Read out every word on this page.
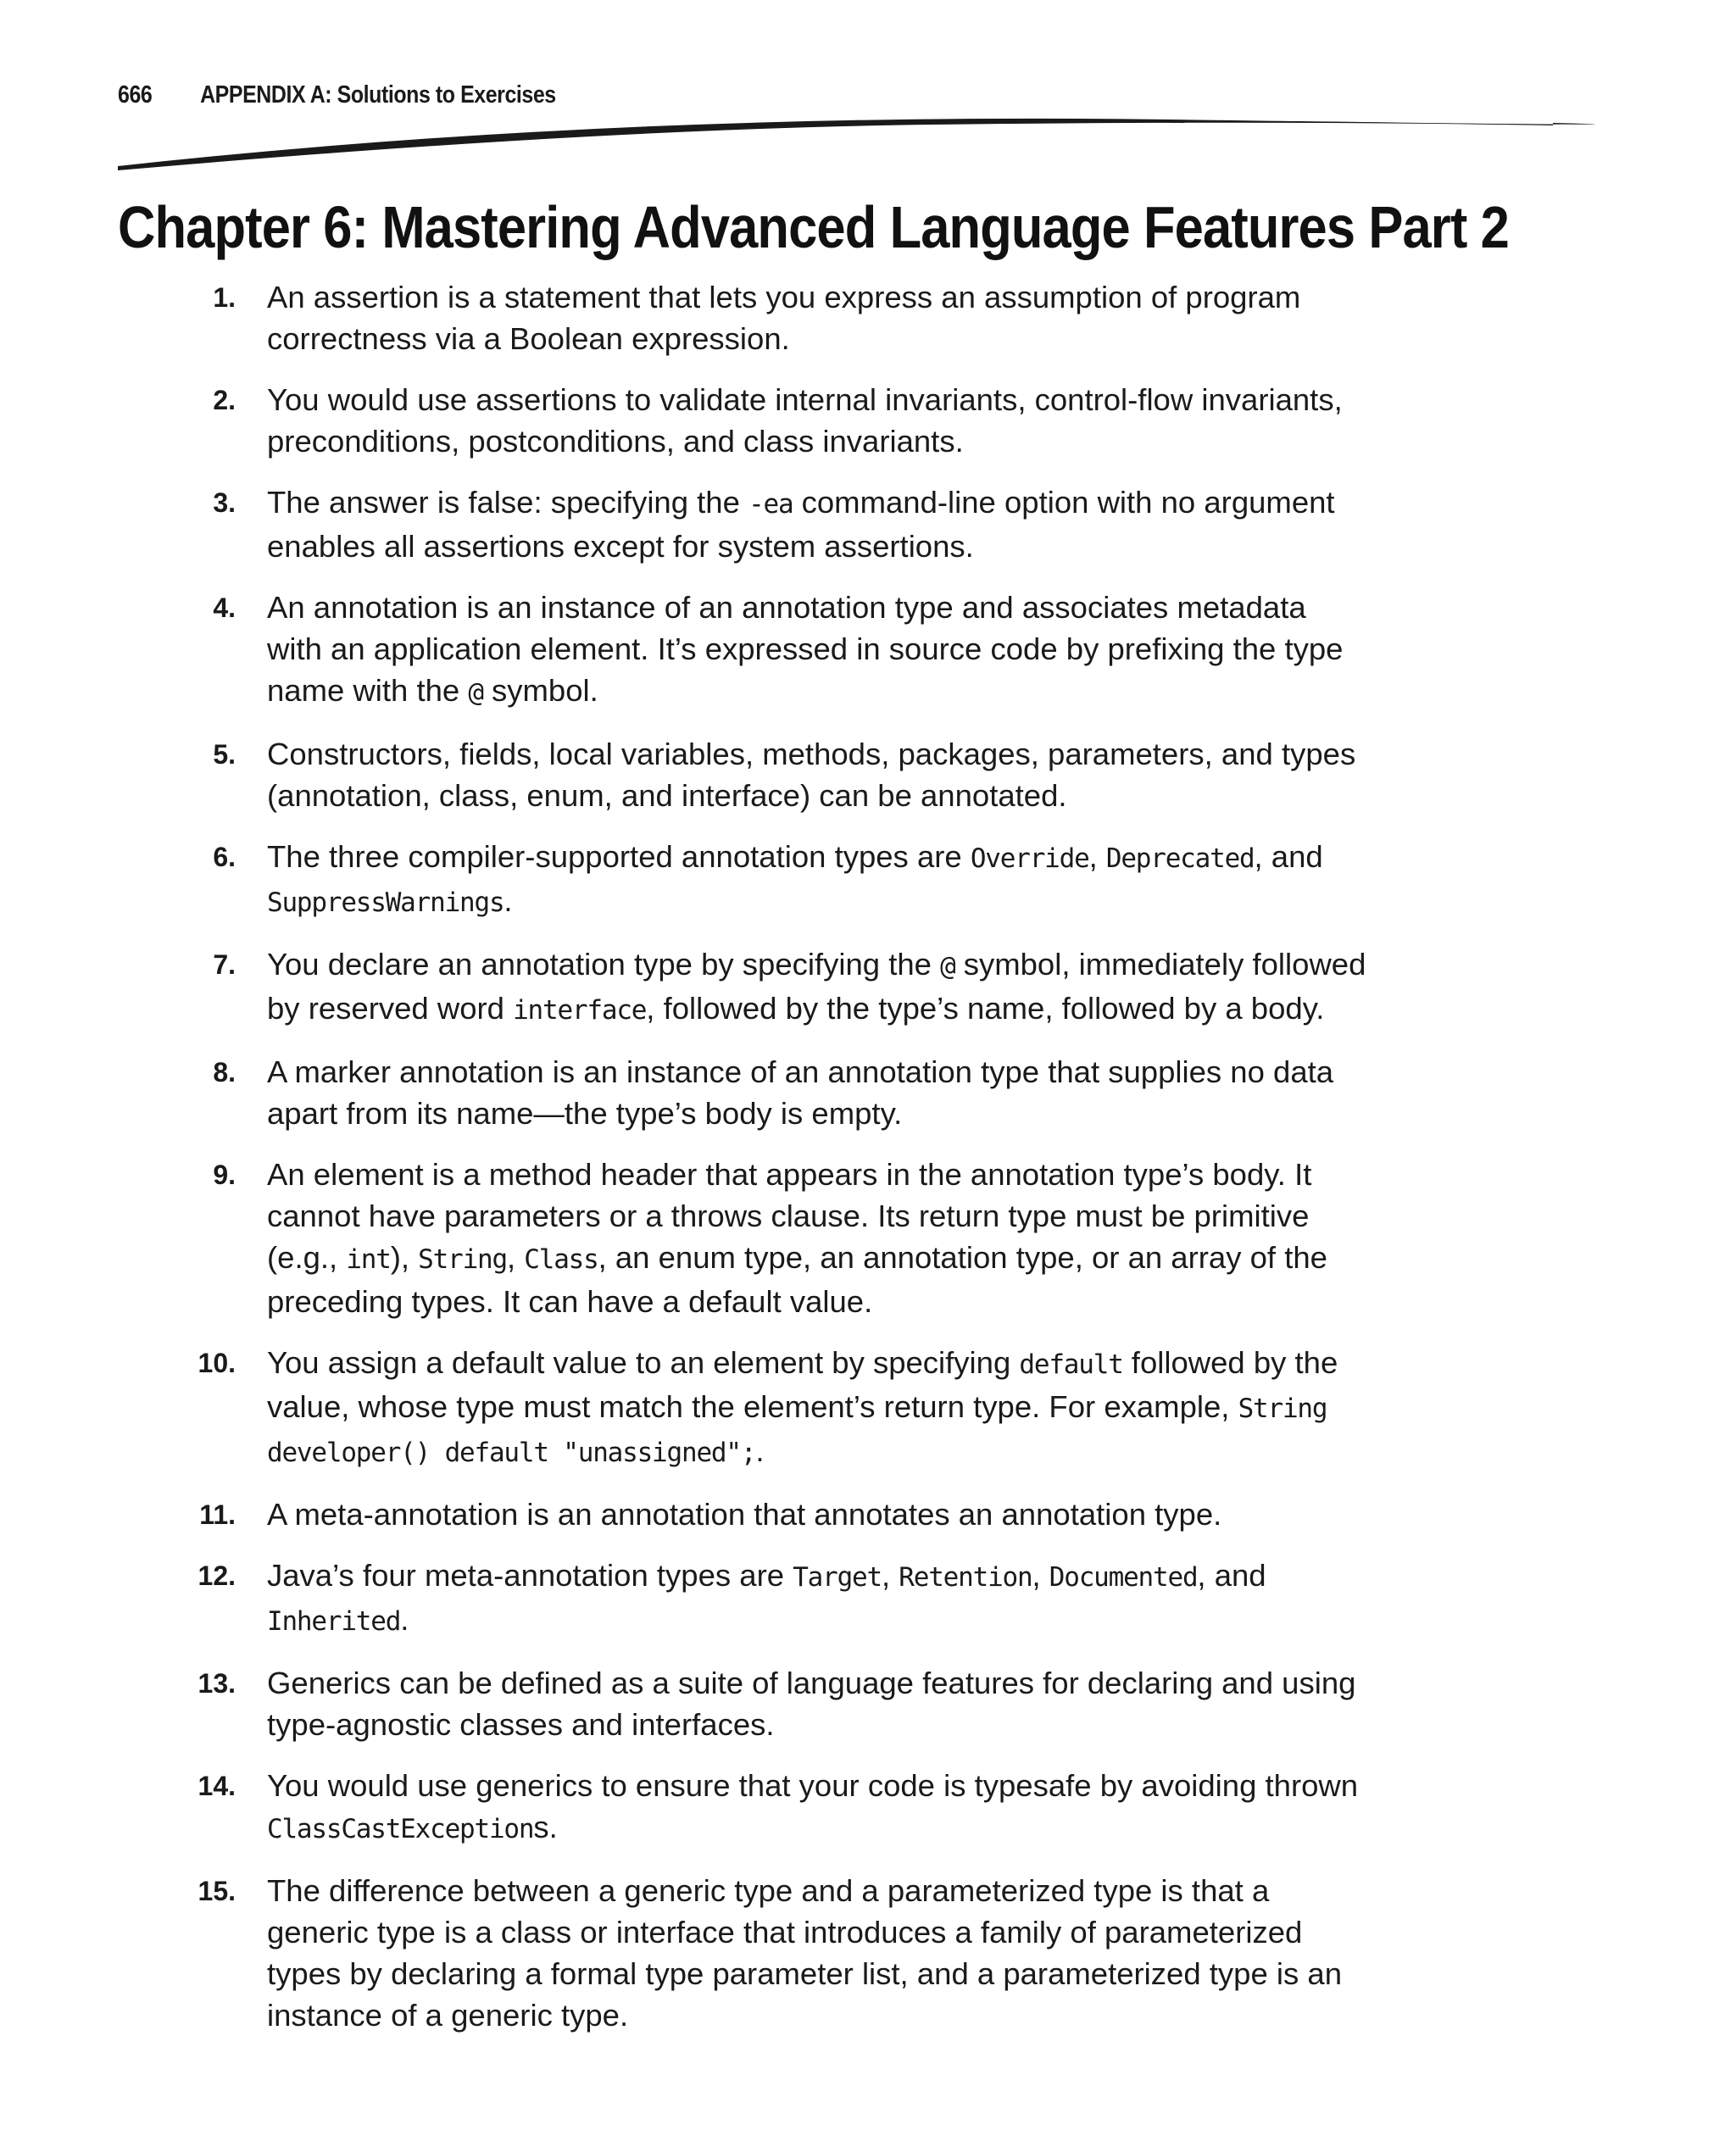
666 APPENDIX A: Solutions to Exercises
Chapter 6: Mastering Advanced Language Features Part 2
1. An assertion is a statement that lets you express an assumption of program correctness via a Boolean expression.
2. You would use assertions to validate internal invariants, control-flow invariants, preconditions, postconditions, and class invariants.
3. The answer is false: specifying the -ea command-line option with no argument enables all assertions except for system assertions.
4. An annotation is an instance of an annotation type and associates metadata with an application element. It’s expressed in source code by prefixing the type name with the @ symbol.
5. Constructors, fields, local variables, methods, packages, parameters, and types (annotation, class, enum, and interface) can be annotated.
6. The three compiler-supported annotation types are Override, Deprecated, and SuppressWarnings.
7. You declare an annotation type by specifying the @ symbol, immediately followed by reserved word interface, followed by the type’s name, followed by a body.
8. A marker annotation is an instance of an annotation type that supplies no data apart from its name—the type’s body is empty.
9. An element is a method header that appears in the annotation type’s body. It cannot have parameters or a throws clause. Its return type must be primitive (e.g., int), String, Class, an enum type, an annotation type, or an array of the preceding types. It can have a default value.
10. You assign a default value to an element by specifying default followed by the value, whose type must match the element’s return type. For example, String developer() default "unassigned";.
11. A meta-annotation is an annotation that annotates an annotation type.
12. Java’s four meta-annotation types are Target, Retention, Documented, and Inherited.
13. Generics can be defined as a suite of language features for declaring and using type-agnostic classes and interfaces.
14. You would use generics to ensure that your code is typesafe by avoiding thrown ClassCastExceptions.
15. The difference between a generic type and a parameterized type is that a generic type is a class or interface that introduces a family of parameterized types by declaring a formal type parameter list, and a parameterized type is an instance of a generic type.
